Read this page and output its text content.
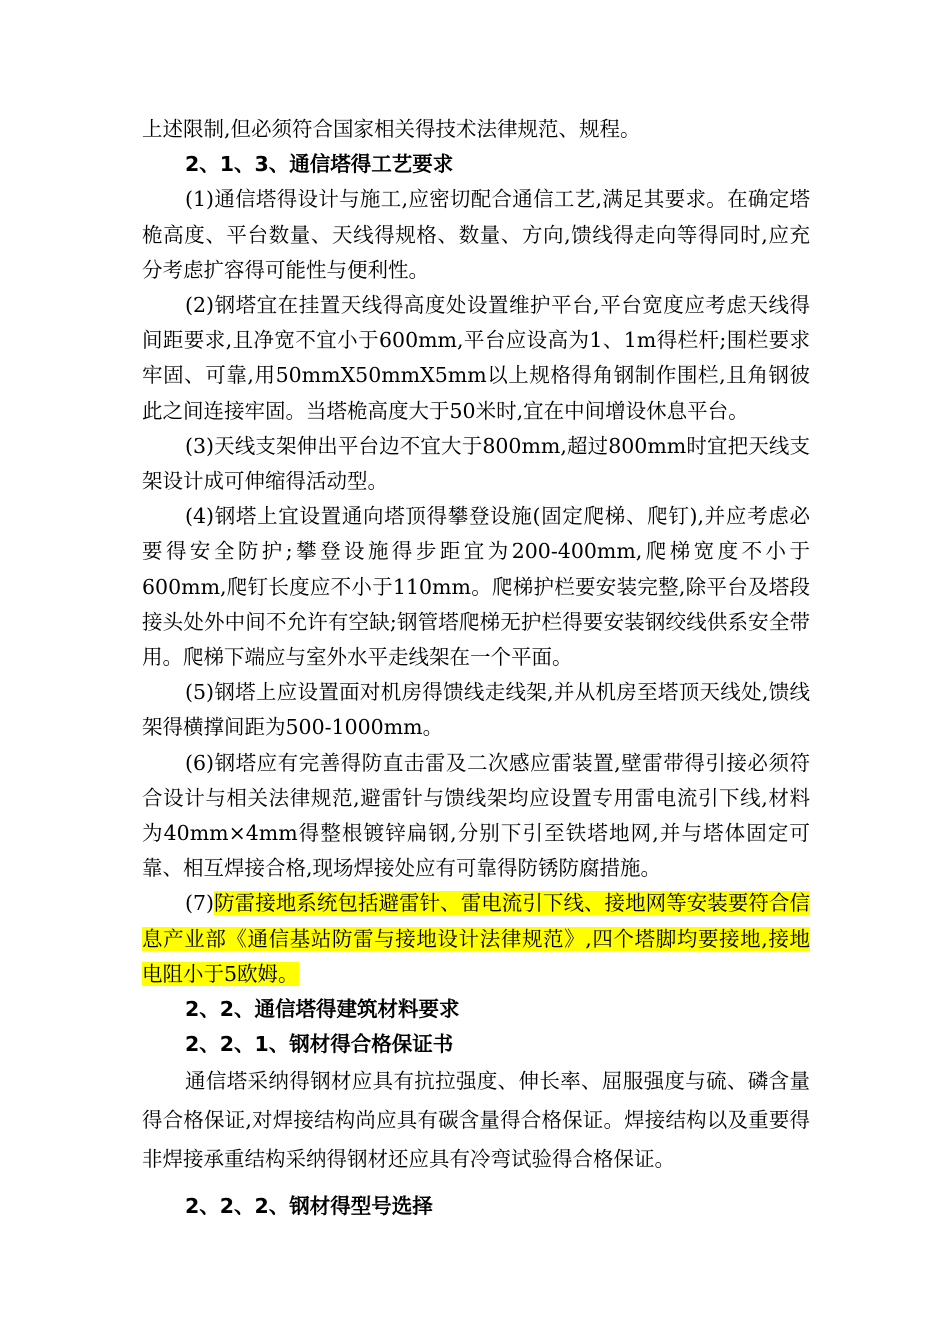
上述限制,但必须符合国家相关得技术法律规范、规程。

2、1、3、通信塔得工艺要求

(1)通信塔得设计与施工,应密切配合通信工艺,满足其要求。在确定塔桅高度、平台数量、天线得规格、数量、方向,馈线得走向等得同时,应充分考虑扩容得可能性与便利性。

(2)钢塔宜在挂置天线得高度处设置维护平台,平台宽度应考虑天线得间距要求,且净宽不宜小于600mm,平台应设高为1、1m得栏杆;围栏要求牢固、可靠,用50mmX50mmX5mm以上规格得角钢制作围栏,且角钢彼此之间连接牢固。当塔桅高度大于50米时,宜在中间增设休息平台。

(3)天线支架伸出平台边不宜大于800mm,超过800mm时宜把天线支架设计成可伸缩得活动型。

(4)钢塔上宜设置通向塔顶得攀登设施(固定爬梯、爬钉),并应考虑必要得安全防护;攀登设施得步距宜为200-400mm,爬梯宽度不小于600mm,爬钉长度应不小于110mm。爬梯护栏要安装完整,除平台及塔段接头处外中间不允许有空缺;钢管塔爬梯无护栏得要安装钢绞线供系安全带用。爬梯下端应与室外水平走线架在一个平面。

(5)钢塔上应设置面对机房得馈线走线架,并从机房至塔顶天线处,馈线架得横撑间距为500-1000mm。

(6)钢塔应有完善得防直击雷及二次感应雷装置,壁雷带得引接必须符合设计与相关法律规范,避雷针与馈线架均应设置专用雷电流引下线,材料为40mm×4mm得整根镀锌扁钢,分别下引至铁塔地网,并与塔体固定可靠、相互焊接合格,现场焊接处应有可靠得防锈防腐措施。

(7)防雷接地系统包括避雷针、雷电流引下线、接地网等安装要符合信息产业部《通信基站防雷与接地设计法律规范》,四个塔脚均要接地,接地电阻小于5欧姆。

2、2、通信塔得建筑材料要求

2、2、1、钢材得合格保证书

通信塔采纳得钢材应具有抗拉强度、伸长率、屈服强度与硫、磷含量得合格保证,对焊接结构尚应具有碳含量得合格保证。焊接结构以及重要得非焊接承重结构采纳得钢材还应具有冷弯试验得合格保证。

2、2、2、钢材得型号选择
